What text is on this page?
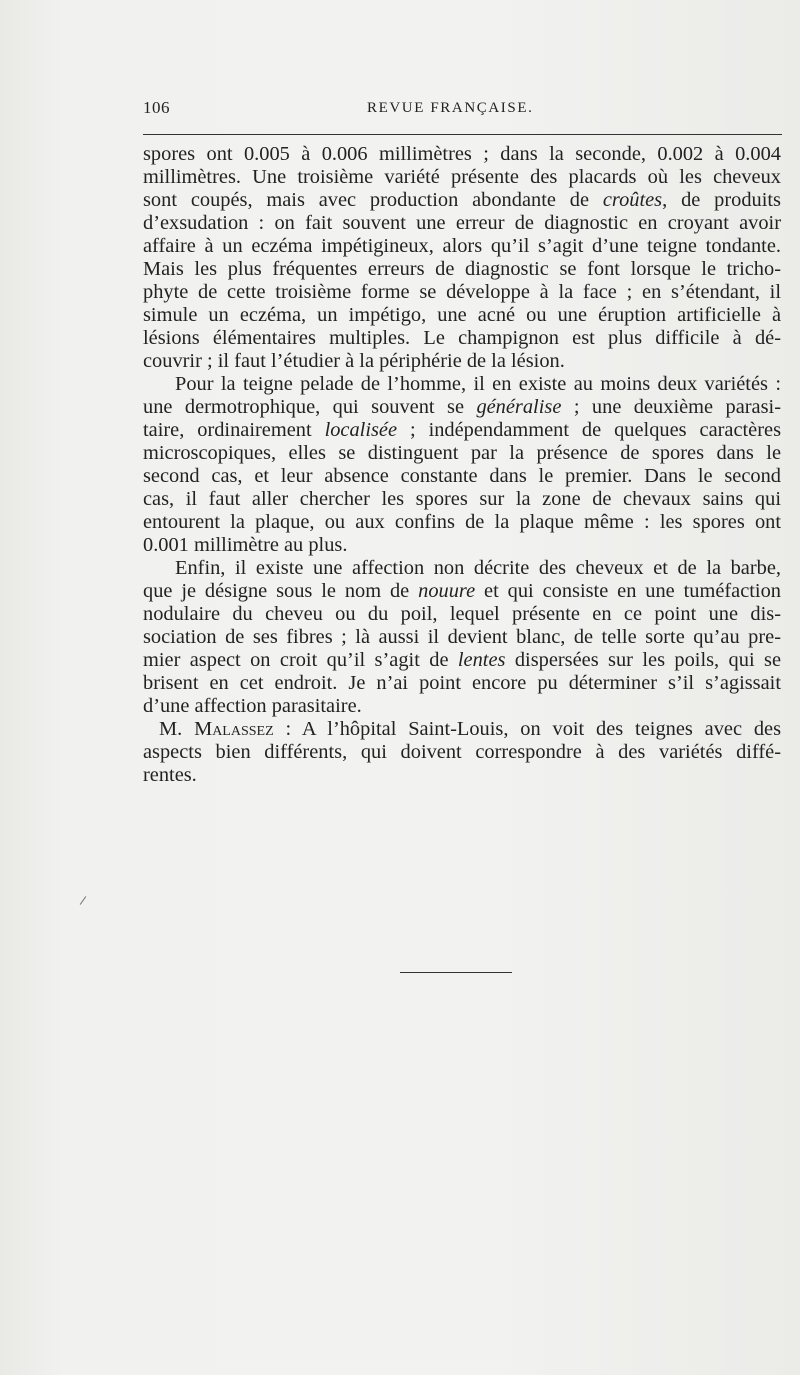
106	REVUE FRANÇAISE.

spores ont 0.005 à 0.006 millimètres ; dans la seconde, 0.002 à 0.004
millimètres. Une troisième variété présente des placards où les cheveux
sont coupés, mais avec production abondante de croûtes, de produits
d’exsudation : on fait souvent une erreur de diagnostic en croyant avoir
affaire à un eczéma impétigineux, alors qu’il s’agit d’une teigne tondante.
Mais les plus fréquentes erreurs de diagnostic se font lorsque le tricho-
phyte de cette troisième forme se développe à la face ; en s’étendant, il
simule un eczéma, un impétigo, une acné ou une éruption artificielle à
lésions élémentaires multiples. Le champignon est plus difficile à dé-
couvrir ; il faut l’étudier à la périphérie de la lésion.

Pour la teigne pelade de l’homme, il en existe au moins deux variétés :
une dermotrophique, qui souvent se généralise ; une deuxième parasi-
taire, ordinairement localisée ; indépendamment de quelques caractères
microscopiques, elles se distinguent par la présence de spores dans le
second cas, et leur absence constante dans le premier. Dans le second
cas, il faut aller chercher les spores sur la zone de chevaux sains qui
entourent la plaque, ou aux confins de la plaque même : les spores ont
0.001 millimètre au plus.

Enfin, il existe une affection non décrite des cheveux et de la barbe,
que je désigne sous le nom de nouure et qui consiste en une tuméfaction
nodulaire du cheveu ou du poil, lequel présente en ce point une dis-
sociation de ses fibres ; là aussi il devient blanc, de telle sorte qu’au pre-
mier aspect on croit qu’il s’agit de lentes dispersées sur les poils, qui se
brisent en cet endroit. Je n’ai point encore pu déterminer s’il s’agissait
d’une affection parasitaire.

M. Malassez : A l’hôpital Saint-Louis, on voit des teignes avec des
aspects bien différents, qui doivent correspondre à des variétés diffé-
rentes.
